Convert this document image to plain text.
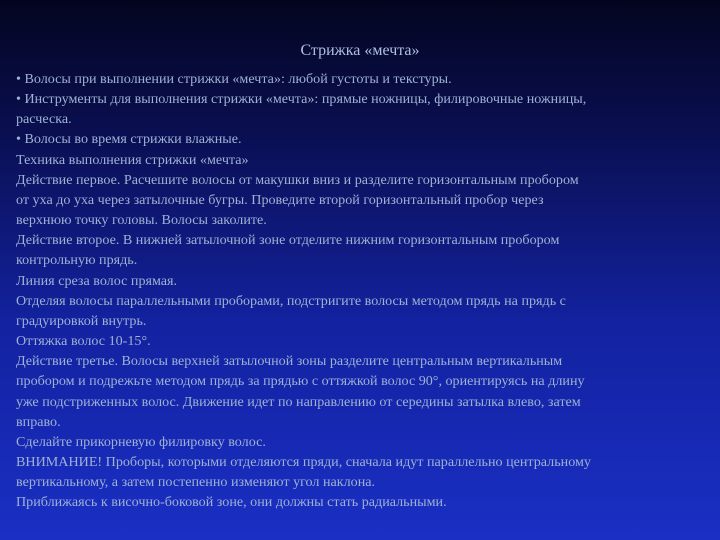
Стрижка «мечта»
• Волосы при выполнении стрижки «мечта»: любой густоты и текстуры.
• Инструменты для выполнения стрижки «мечта»: прямые ножницы, филировочные ножницы,
расческа.
• Волосы во время стрижки влажные.
Техника выполнения стрижки «мечта»
Действие первое. Расчешите волосы от макушки вниз и разделите горизонтальным пробором
от уха до уха через затылочные бугры. Проведите второй горизонтальный пробор через
верхнюю точку головы. Волосы заколите.
Действие второе. В нижней затылочной зоне отделите нижним горизонтальным пробором
контрольную прядь.
Линия среза волос прямая.
Отделяя волосы параллельными проборами, подстригите волосы методом прядь на прядь с
градуировкой внутрь.
Оттяжка волос 10-15°.
Действие третье. Волосы верхней затылочной зоны разделите центральным вертикальным
пробором и подрежьте методом прядь за прядью с оттяжкой волос 90°, ориентируясь на длину
уже подстриженных волос. Движение идет по направлению от середины затылка влево, затем
вправо.
Сделайте прикорневую филировку волос.
ВНИМАНИЕ! Проборы, которыми отделяются пряди, сначала идут параллельно центральному
вертикальному, а затем постепенно изменяют угол наклона.
Приближаясь к височно-боковой зоне, они должны стать радиальными.
